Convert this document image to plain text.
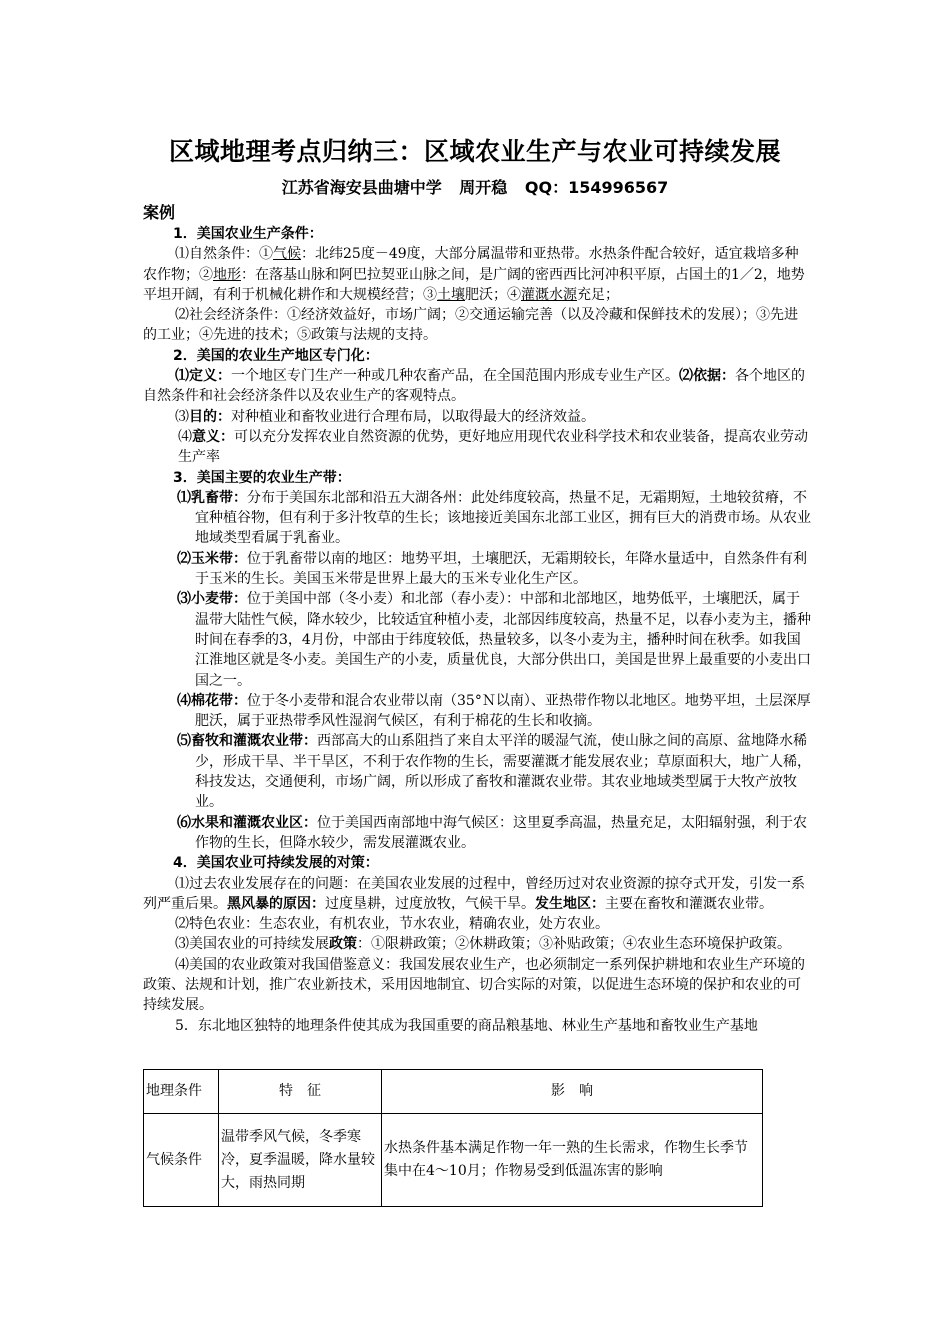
区域地理考点归纳三：区域农业生产与农业可持续发展
江苏省海安县曲塘中学 周开稳 QQ：154996567

案例

1．美国农业生产条件：

⑴自然条件：①气候：北纬25度－49度，大部分属温带和亚热带。水热条件配合较好，适宜栽培多种农作物；②地形：在落基山脉和阿巴拉契亚山脉之间，是广阔的密西西比河冲积平原，占国土的1／2，地势平坦开阔，有利于机械化耕作和大规模经营；③土壤肥沃；④灌溉水源充足；

⑵社会经济条件：①经济效益好，市场广阔；②交通运输完善（以及冷藏和保鲜技术的发展）；③先进的工业；④先进的技术；⑤政策与法规的支持。

2．美国的农业生产地区专门化：

⑴定义：一个地区专门生产一种或几种农畜产品，在全国范围内形成专业生产区。⑵依据：各个地区的自然条件和社会经济条件以及农业生产的客观特点。

⑶目的：对种植业和畜牧业进行合理布局，以取得最大的经济效益。

⑷意义：可以充分发挥农业自然资源的优势，更好地应用现代农业科学技术和农业装备，提高农业劳动生产率

3．美国主要的农业生产带：

⑴乳畜带：分布于美国东北部和沿五大湖各州：此处纬度较高，热量不足，无霜期短，土地较贫瘠，不宜种植谷物，但有利于多汁牧草的生长；该地接近美国东北部工业区，拥有巨大的消费市场。从农业地域类型看属于乳畜业。

⑵玉米带：位于乳畜带以南的地区：地势平坦，土壤肥沃，无霜期较长，年降水量适中，自然条件有利于玉米的生长。美国玉米带是世界上最大的玉米专业化生产区。

⑶小麦带：位于美国中部（冬小麦）和北部（春小麦）：中部和北部地区，地势低平，土壤肥沃，属于温带大陆性气候，降水较少，比较适宜种植小麦，北部因纬度较高，热量不足，以春小麦为主，播种时间在春季的3，4月份，中部由于纬度较低，热量较多，以冬小麦为主，播种时间在秋季。如我国江淮地区就是冬小麦。美国生产的小麦，质量优良，大部分供出口，美国是世界上最重要的小麦出口国之一。

⑷棉花带：位于冬小麦带和混合农业带以南（35°Ｎ以南）、亚热带作物以北地区。地势平坦，土层深厚肥沃，属于亚热带季风性湿润气候区，有利于棉花的生长和收摘。

⑸畜牧和灌溉农业带：西部高大的山系阻挡了来自太平洋的暖湿气流，使山脉之间的高原、盆地降水稀少，形成干旱、半干旱区，不利于农作物的生长，需要灌溉才能发展农业；草原面积大，地广人稀，科技发达，交通便利，市场广阔，所以形成了畜牧和灌溉农业带。其农业地域类型属于大牧产放牧业。

⑹水果和灌溉农业区：位于美国西南部地中海气候区：这里夏季高温，热量充足，太阳辐射强，利于农作物的生长，但降水较少，需发展灌溉农业。

4．美国农业可持续发展的对策：

⑴过去农业发展存在的问题：在美国农业发展的过程中，曾经历过对农业资源的掠夺式开发，引发一系列严重后果。黑风暴的原因：过度垦耕，过度放牧，气候干旱。发生地区：主要在畜牧和灌溉农业带。

⑵特色农业：生态农业，有机农业，节水农业，精确农业，处方农业。

⑶美国农业的可持续发展政策：①限耕政策；②休耕政策；③补贴政策；④农业生态环境保护政策。

⑷美国的农业政策对我国借鉴意义：我国发展农业生产，也必须制定一系列保护耕地和农业生产环境的政策、法规和计划，推广农业新技术，采用因地制宜、切合实际的对策，以促进生态环境的保护和农业的可持续发展。

5．东北地区独特的地理条件使其成为我国重要的商品粮基地、林业生产基地和畜牧业生产基地

地理条件	特　征	影　响
气候条件	温带季风气候，冬季寒冷，夏季温暖，降水量较大，雨热同期	水热条件基本满足作物一年一熟的生长需求，作物生长季节集中在4～10月；作物易受到低温冻害的影响
